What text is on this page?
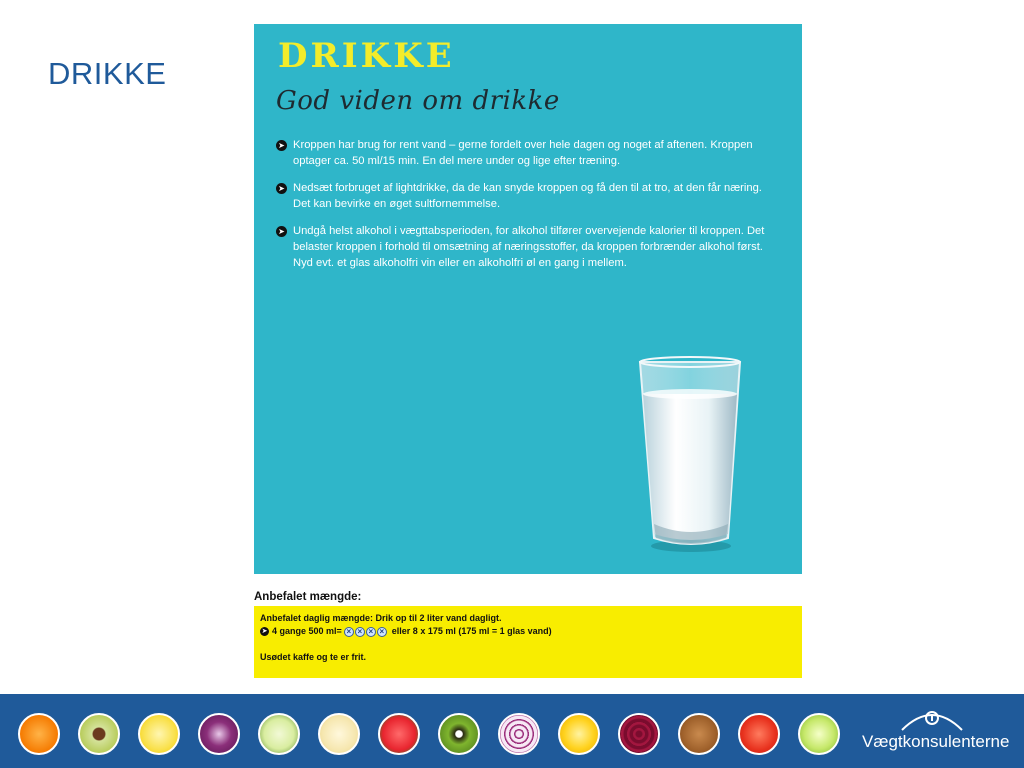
DRIKKE	DRIKKE
God viden om drikke
➤ Kroppen har brug for rent vand – gerne fordelt over hele dagen og noget af aftenen. Kroppen optager ca. 50 ml/15 min. En del mere under og lige efter træning.
➤ Nedsæt forbruget af lightdrikke, da de kan snyde kroppen og få den til at tro, at den får næring. Det kan bevirke en øget sultfornemmelse.
➤ Undgå helst alkohol i vægttabsperioden, for alkohol tilfører overvejende kalorier til kroppen. Det belaster kroppen i forhold til omsætning af næringsstoffer, da kroppen forbrænder alkohol først. Nyd evt. et glas alkoholfri vin eller en alkoholfri øl en gang i mellem.
Anbefalet mængde:
Anbefalet daglig mængde: Drik op til 2 liter vand dagligt.
➤ 4 gange 500 ml= × × × × eller 8 x 175 ml (175 ml = 1 glas vand)
Usødet kaffe og te er frit.
Vægtkonsulenterne
